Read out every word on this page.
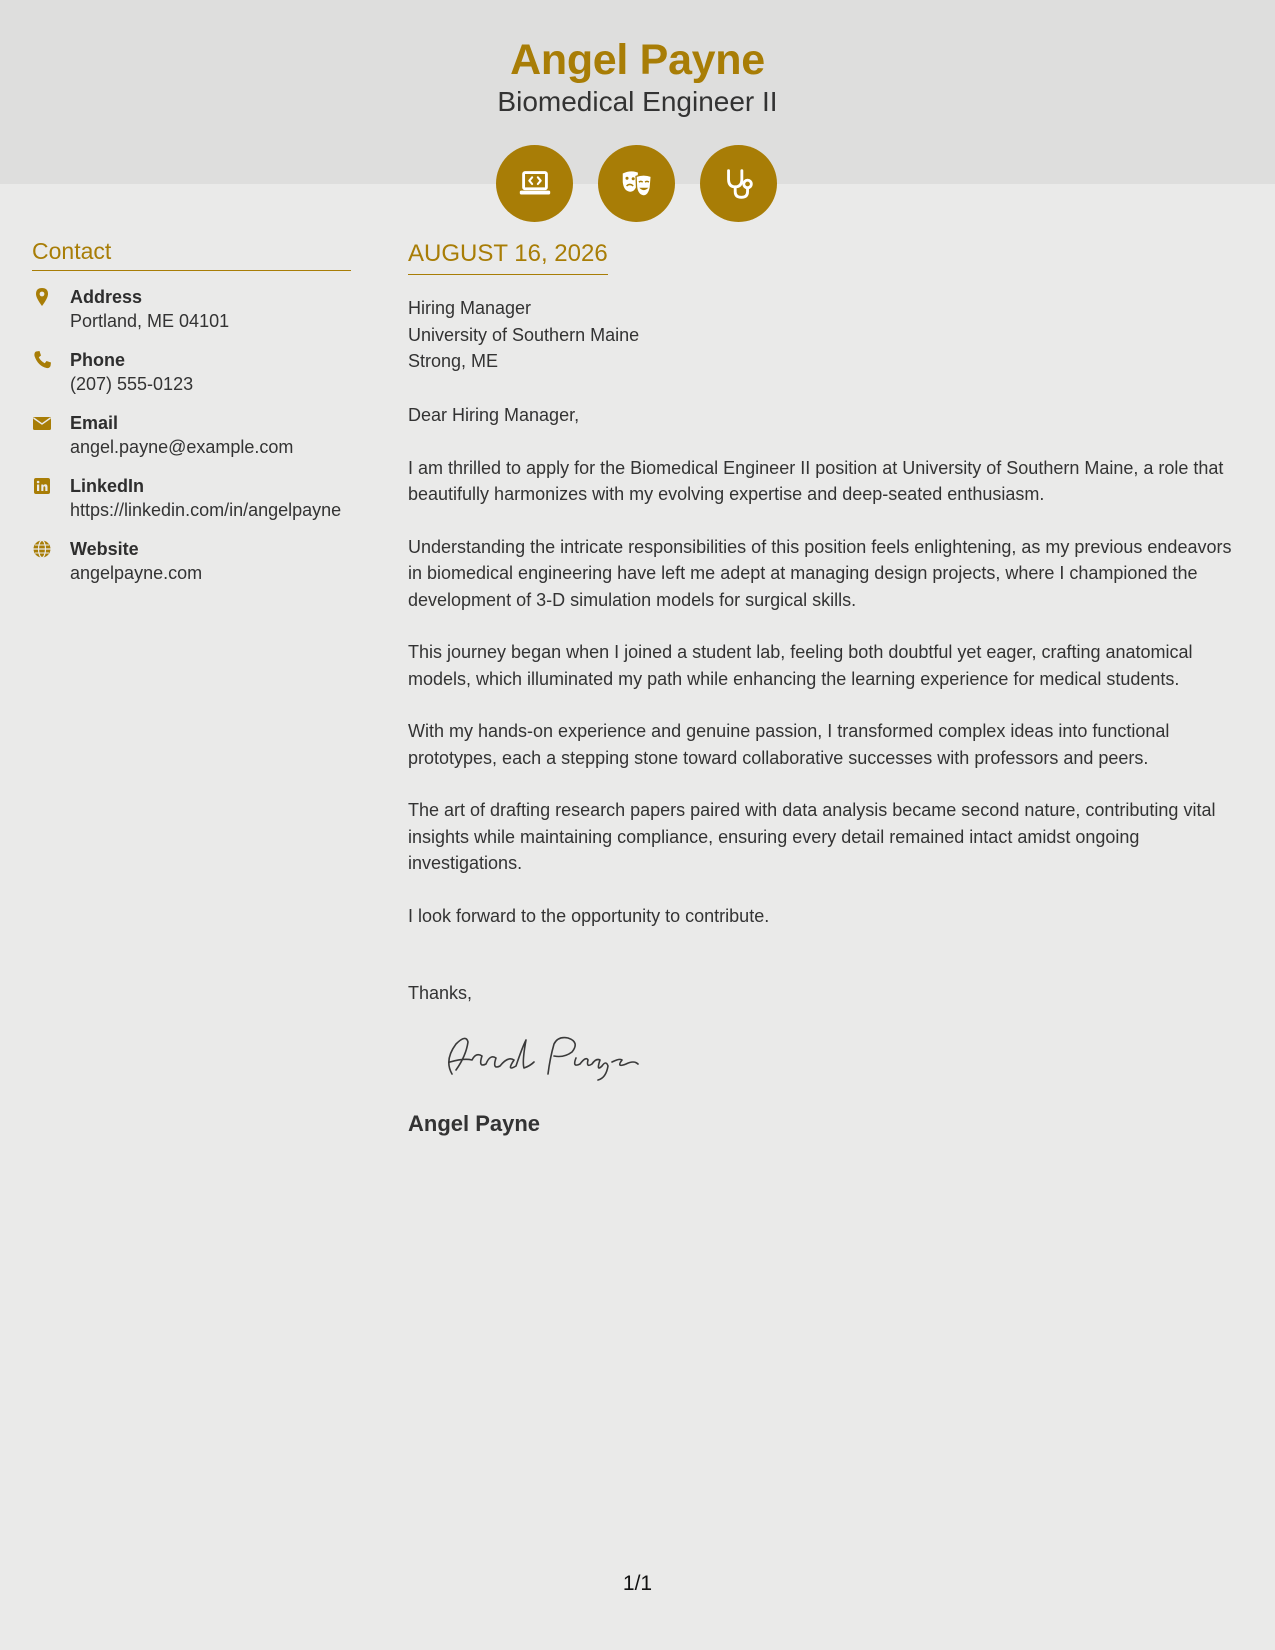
Angel Payne
Biomedical Engineer II
Contact
Address
Portland, ME 04101
Phone
(207) 555-0123
Email
angel.payne@example.com
LinkedIn
https://linkedin.com/in/angelpayne
Website
angelpayne.com
AUGUST 16, 2026

Hiring Manager

University of Southern Maine

Strong, ME

Dear Hiring Manager,

I am thrilled to apply for the Biomedical Engineer II position at University of Southern Maine, a role that beautifully harmonizes with my evolving expertise and deep-seated enthusiasm.

Understanding the intricate responsibilities of this position feels enlightening, as my previous endeavors in biomedical engineering have left me adept at managing design projects, where I championed the development of 3-D simulation models for surgical skills.

This journey began when I joined a student lab, feeling both doubtful yet eager, crafting anatomical models, which illuminated my path while enhancing the learning experience for medical students.

With my hands-on experience and genuine passion, I transformed complex ideas into functional prototypes, each a stepping stone toward collaborative successes with professors and peers.

The art of drafting research papers paired with data analysis became second nature, contributing vital insights while maintaining compliance, ensuring every detail remained intact amidst ongoing investigations.

I look forward to the opportunity to contribute.

Thanks,

Angel Payne
1/1
